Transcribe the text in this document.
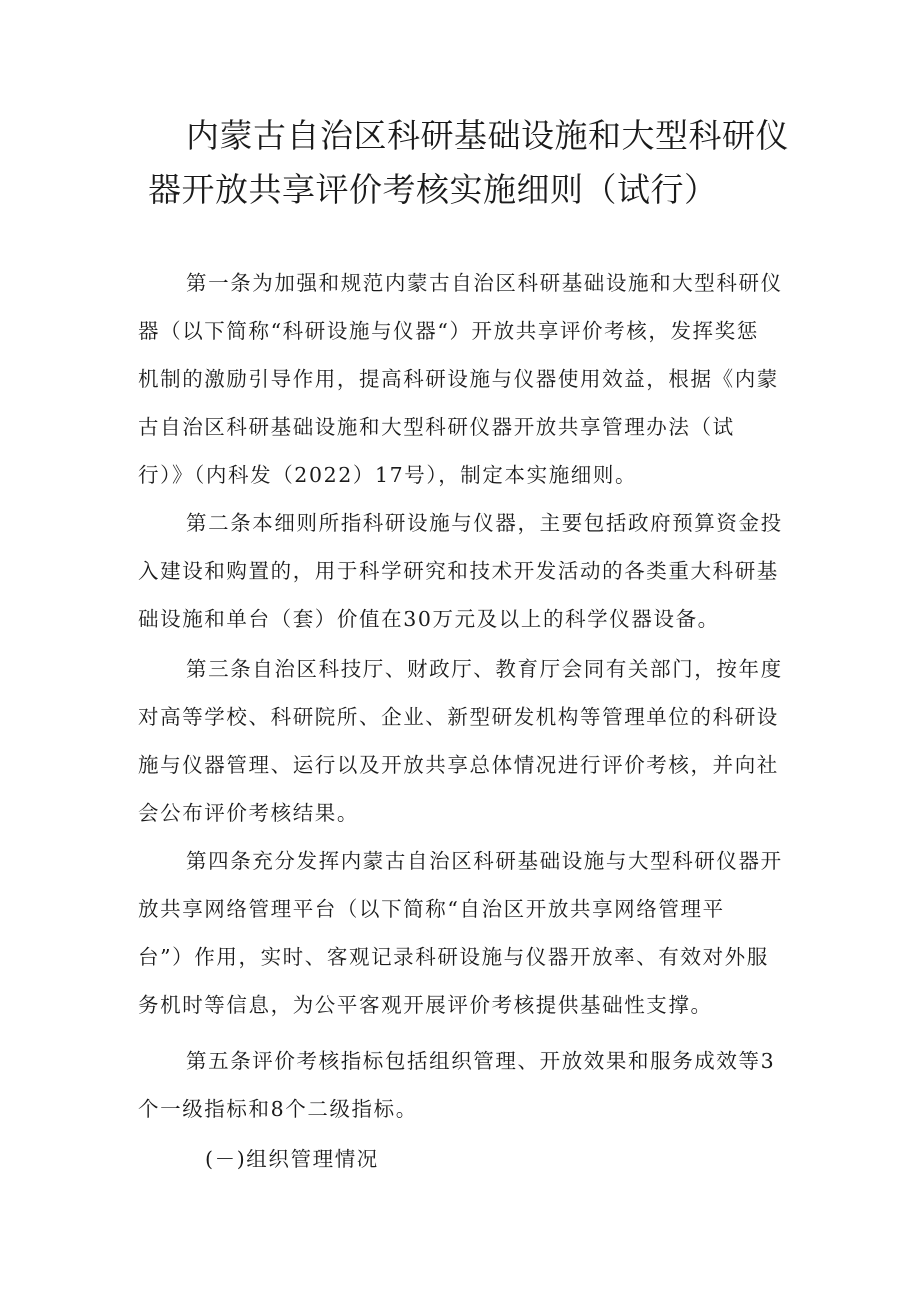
内蒙古自治区科研基础设施和大型科研仪
器开放共享评价考核实施细则（试行）
第一条为加强和规范内蒙古自治区科研基础设施和大型科研仪
器（以下简称“科研设施与仪器“）开放共享评价考核，发挥奖惩
机制的激励引导作用，提高科研设施与仪器使用效益，根据《内蒙
古自治区科研基础设施和大型科研仪器开放共享管理办法（试
行）》（内科发（2022）17号），制定本实施细则。
第二条本细则所指科研设施与仪器，主要包括政府预算资金投
入建设和购置的，用于科学研究和技术开发活动的各类重大科研基
础设施和单台（套）价值在30万元及以上的科学仪器设备。
第三条自治区科技厅、财政厅、教育厅会同有关部门，按年度
对高等学校、科研院所、企业、新型研发机构等管理单位的科研设
施与仪器管理、运行以及开放共享总体情况进行评价考核，并向社
会公布评价考核结果。
第四条充分发挥内蒙古自治区科研基础设施与大型科研仪器开
放共享网络管理平台（以下简称“自治区开放共享网络管理平
台”）作用，实时、客观记录科研设施与仪器开放率、有效对外服
务机时等信息，为公平客观开展评价考核提供基础性支撑。
第五条评价考核指标包括组织管理、开放效果和服务成效等3
个一级指标和8个二级指标。
(－)组织管理情况
